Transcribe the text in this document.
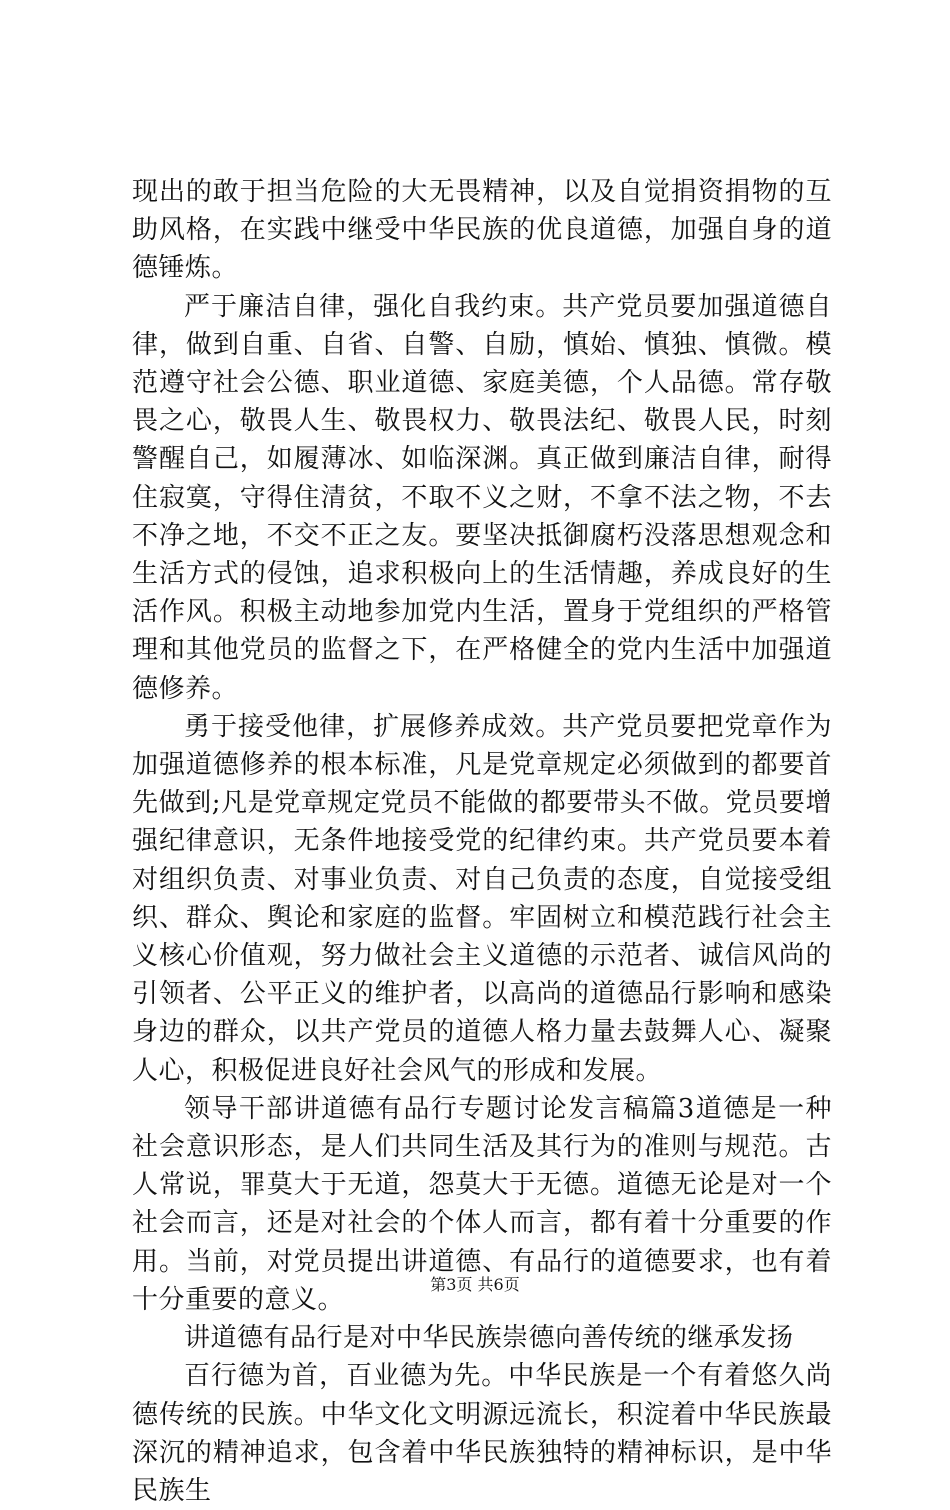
现出的敢于担当危险的大无畏精神，以及自觉捐资捐物的互助风格，在实践中继受中华民族的优良道德，加强自身的道德锤炼。

严于廉洁自律，强化自我约束。共产党员要加强道德自律，做到自重、自省、自警、自励，慎始、慎独、慎微。模范遵守社会公德、职业道德、家庭美德，个人品德。常存敬畏之心，敬畏人生、敬畏权力、敬畏法纪、敬畏人民，时刻警醒自己，如履薄冰、如临深渊。真正做到廉洁自律，耐得住寂寞，守得住清贫，不取不义之财，不拿不法之物，不去不净之地，不交不正之友。要坚决抵御腐朽没落思想观念和生活方式的侵蚀，追求积极向上的生活情趣，养成良好的生活作风。积极主动地参加党内生活，置身于党组织的严格管理和其他党员的监督之下，在严格健全的党内生活中加强道德修养。

勇于接受他律，扩展修养成效。共产党员要把党章作为加强道德修养的根本标准，凡是党章规定必须做到的都要首先做到;凡是党章规定党员不能做的都要带头不做。党员要增强纪律意识，无条件地接受党的纪律约束。共产党员要本着对组织负责、对事业负责、对自己负责的态度，自觉接受组织、群众、舆论和家庭的监督。牢固树立和模范践行社会主义核心价值观，努力做社会主义道德的示范者、诚信风尚的引领者、公平正义的维护者，以高尚的道德品行影响和感染身边的群众，以共产党员的道德人格力量去鼓舞人心、凝聚人心，积极促进良好社会风气的形成和发展。

领导干部讲道德有品行专题讨论发言稿篇3道德是一种社会意识形态，是人们共同生活及其行为的准则与规范。古人常说，罪莫大于无道，怨莫大于无德。道德无论是对一个社会而言，还是对社会的个体人而言，都有着十分重要的作用。当前，对党员提出讲道德、有品行的道德要求，也有着十分重要的意义。

讲道德有品行是对中华民族崇德向善传统的继承发扬

百行德为首，百业德为先。中华民族是一个有着悠久尚德传统的民族。中华文化文明源远流长，积淀着中华民族最深沉的精神追求，包含着中华民族独特的精神标识，是中华民族生

第3页 共6页
